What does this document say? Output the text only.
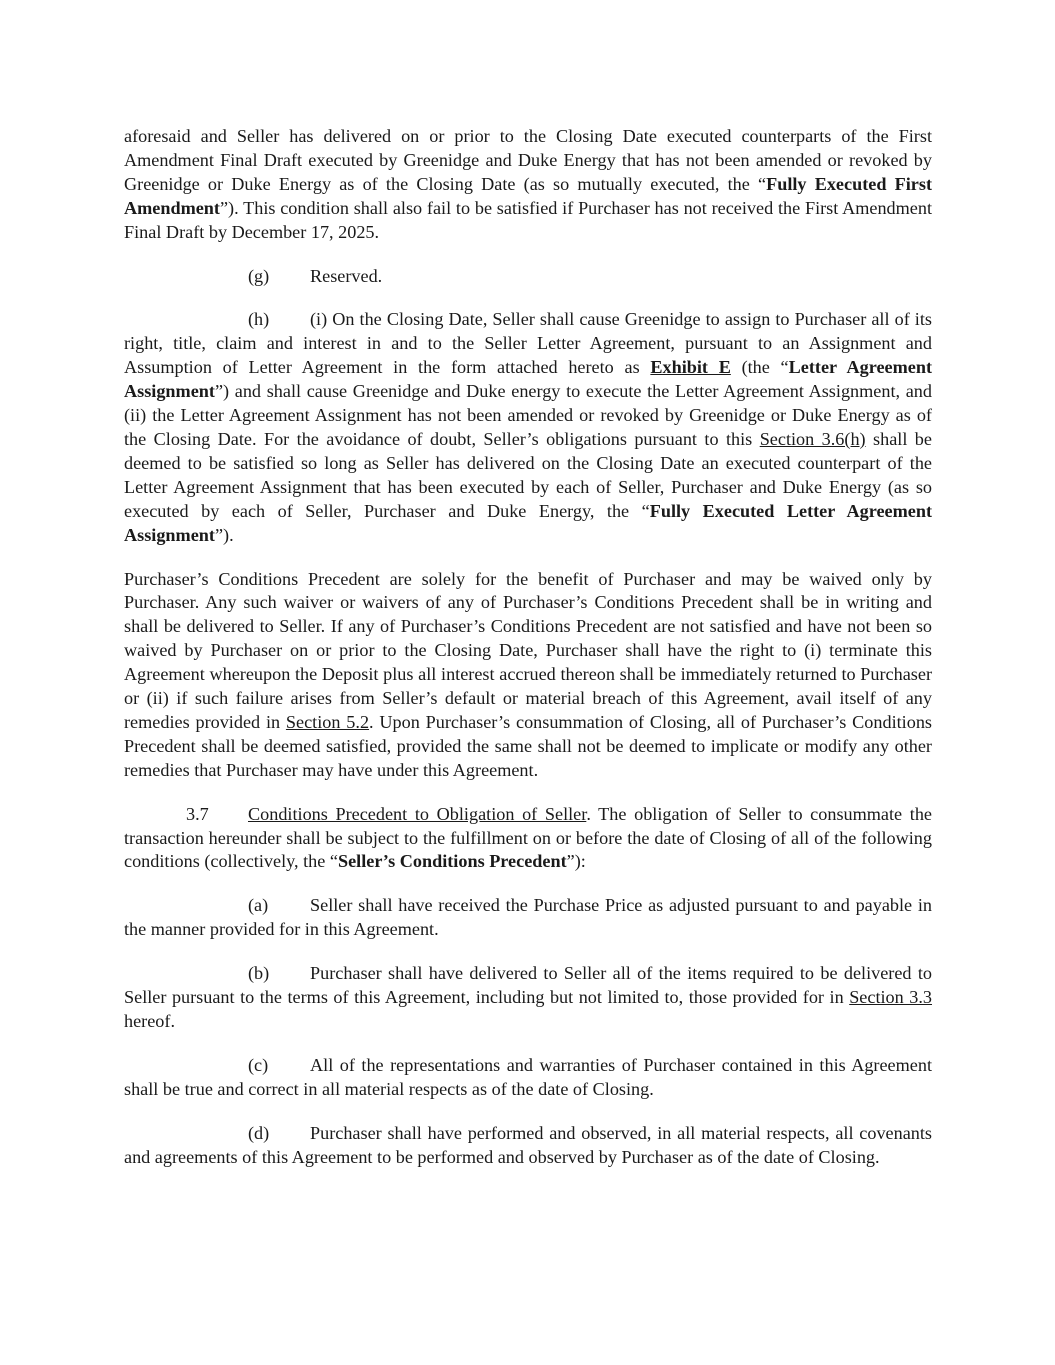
aforesaid and Seller has delivered on or prior to the Closing Date executed counterparts of the First Amendment Final Draft executed by Greenidge and Duke Energy that has not been amended or revoked by Greenidge or Duke Energy as of the Closing Date (as so mutually executed, the “Fully Executed First Amendment”). This condition shall also fail to be satisfied if Purchaser has not received the First Amendment Final Draft by December 17, 2025.

(g) Reserved.

(h) (i) On the Closing Date, Seller shall cause Greenidge to assign to Purchaser all of its right, title, claim and interest in and to the Seller Letter Agreement, pursuant to an Assignment and Assumption of Letter Agreement in the form attached hereto as Exhibit E (the “Letter Agreement Assignment”) and shall cause Greenidge and Duke energy to execute the Letter Agreement Assignment, and (ii) the Letter Agreement Assignment has not been amended or revoked by Greenidge or Duke Energy as of the Closing Date. For the avoidance of doubt, Seller’s obligations pursuant to this Section 3.6(h) shall be deemed to be satisfied so long as Seller has delivered on the Closing Date an executed counterpart of the Letter Agreement Assignment that has been executed by each of Seller, Purchaser and Duke Energy (as so executed by each of Seller, Purchaser and Duke Energy, the “Fully Executed Letter Agreement Assignment”).

Purchaser’s Conditions Precedent are solely for the benefit of Purchaser and may be waived only by Purchaser. Any such waiver or waivers of any of Purchaser’s Conditions Precedent shall be in writing and shall be delivered to Seller. If any of Purchaser’s Conditions Precedent are not satisfied and have not been so waived by Purchaser on or prior to the Closing Date, Purchaser shall have the right to (i) terminate this Agreement whereupon the Deposit plus all interest accrued thereon shall be immediately returned to Purchaser or (ii) if such failure arises from Seller’s default or material breach of this Agreement, avail itself of any remedies provided in Section 5.2. Upon Purchaser’s consummation of Closing, all of Purchaser’s Conditions Precedent shall be deemed satisfied, provided the same shall not be deemed to implicate or modify any other remedies that Purchaser may have under this Agreement.

3.7 Conditions Precedent to Obligation of Seller. The obligation of Seller to consummate the transaction hereunder shall be subject to the fulfillment on or before the date of Closing of all of the following conditions (collectively, the “Seller’s Conditions Precedent”):

(a) Seller shall have received the Purchase Price as adjusted pursuant to and payable in the manner provided for in this Agreement.

(b) Purchaser shall have delivered to Seller all of the items required to be delivered to Seller pursuant to the terms of this Agreement, including but not limited to, those provided for in Section 3.3 hereof.

(c) All of the representations and warranties of Purchaser contained in this Agreement shall be true and correct in all material respects as of the date of Closing.

(d) Purchaser shall have performed and observed, in all material respects, all covenants and agreements of this Agreement to be performed and observed by Purchaser as of the date of Closing.
